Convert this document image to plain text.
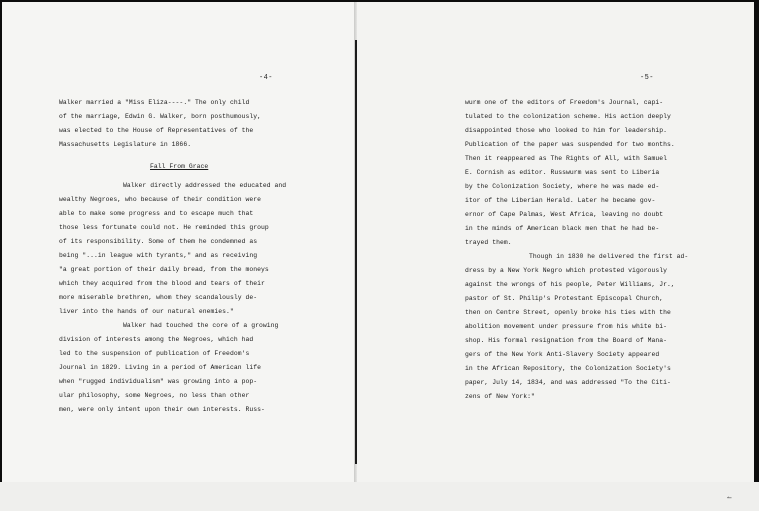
-4-
Walker married a "Miss Eliza----." The only child
of the marriage, Edwin G. Walker, born posthumously,
was elected to the House of Representatives of the
Massachusetts Legislature in 1866.
Fall From Grace
Walker directly addressed the educated and
wealthy Negroes, who because of their condition were
able to make some progress and to escape much that
those less fortunate could not. He reminded this group
of its responsibility. Some of them he condemned as
being "...in league with tyrants," and as receiving
"a great portion of their daily bread, from the moneys
which they acquired from the blood and tears of their
more miserable brethren, whom they scandalously de-
liver into the hands of our natural enemies."
Walker had touched the core of a growing
division of interests among the Negroes, which had
led to the suspension of publication of Freedom's
Journal in 1829. Living in a period of American life
when "rugged individualism" was growing into a pop-
ular philosophy, some Negroes, no less than other
men, were only intent upon their own interests. Russ-
-5-
wurm one of the editors of Freedom's Journal, capi-
tulated to the colonization scheme. His action deeply
disappointed those who looked to him for leadership.
Publication of the paper was suspended for two months.
Then it reappeared as The Rights of All, with Samuel
E. Cornish as editor. Russwurm was sent to Liberia
by the Colonization Society, where he was made ed-
itor of the Liberian Herald. Later he became gov-
ernor of Cape Palmas, West Africa, leaving no doubt
in the minds of American black men that he had be-
trayed them.
Though in 1830 he delivered the first ad-
dress by a New York Negro which protested vigorously
against the wrongs of his people, Peter Williams, Jr.,
pastor of St. Philip's Protestant Episcopal Church,
then on Centre Street, openly broke his ties with the
abolition movement under pressure from his white bi-
shop. His formal resignation from the Board of Mana-
gers of the New York Anti-Slavery Society appeared
in the African Repository, the Colonization Society's
paper, July 14, 1834, and was addressed "To the Citi-
zens of New York:"
↼
